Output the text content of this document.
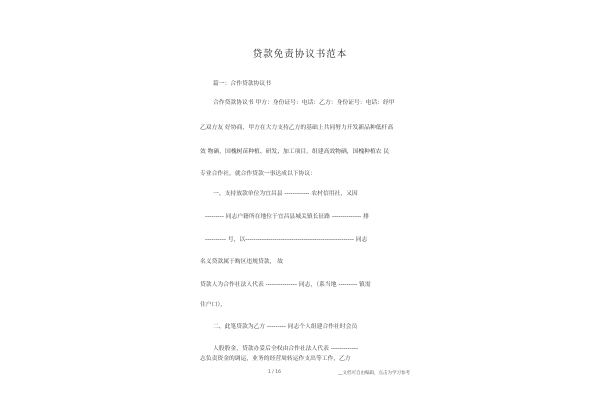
贷款免责协议书范本
篇一：合作贷款协议书
合作贷款协议书 甲方：身份证号：电话：乙方：身份证号：电话：经甲
乙双方友 好协商，甲方在大力支持乙方的基础上共同努力开发新品种低杆高
效 物硒，国槐树苗种植、研发、加工项目，组建高效物硒，国槐种植农 民
专业合作社，就合作贷款一事达成以下协议：
一、支持放款单位为宜昌县 ------------ 农村信用社，又因
--------- 同志户籍所在地位于宜昌县城关镇长征路 -------------- 排
---------- 号，以---------------------------------------------------- 同志
名义贷款属于购区违规贷款， 故
贷款人为合作社法人代表 --------------- 同志，（系当地 --------- 镇需
住户口），
二、此笔贷款为乙方 --------- 同志个人组建合作社时会员
人股股金，贷款办妥后全权由合作社法人代表 -------------
志负责资金的调运，业务的经营周转运作支出等工作，乙方
1 / 16	__文档可自由编辑，点击为学习参考
